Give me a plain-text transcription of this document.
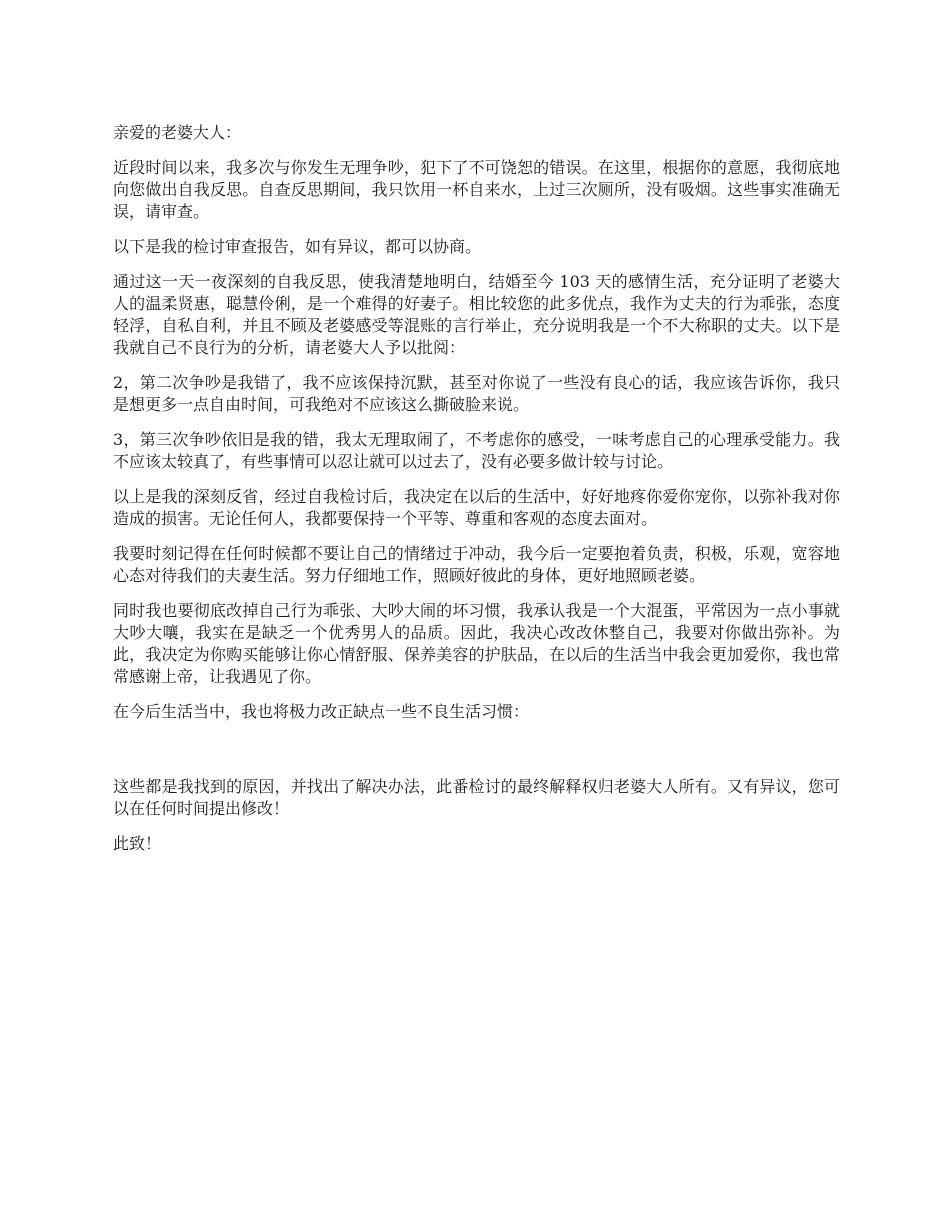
亲爱的老婆大人：

近段时间以来，我多次与你发生无理争吵，犯下了不可饶恕的错误。在这里，根据你的意愿，我彻底地向您做出自我反思。自查反思期间，我只饮用一杯自来水，上过三次厕所，没有吸烟。这些事实准确无误，请审查。

以下是我的检讨审查报告，如有异议，都可以协商。

通过这一天一夜深刻的自我反思，使我清楚地明白，结婚至今 103 天的感情生活，充分证明了老婆大人的温柔贤惠，聪慧伶俐，是一个难得的好妻子。相比较您的此多优点，我作为丈夫的行为乖张，态度轻浮，自私自利，并且不顾及老婆感受等混账的言行举止，充分说明我是一个不大称职的丈夫。以下是我就自己不良行为的分析，请老婆大人予以批阅：

2，第二次争吵是我错了，我不应该保持沉默，甚至对你说了一些没有良心的话，我应该告诉你，我只是想更多一点自由时间，可我绝对不应该这么撕破脸来说。

3，第三次争吵依旧是我的错，我太无理取闹了，不考虑你的感受，一味考虑自己的心理承受能力。我不应该太较真了，有些事情可以忍让就可以过去了，没有必要多做计较与讨论。

以上是我的深刻反省，经过自我检讨后，我决定在以后的生活中，好好地疼你爱你宠你，以弥补我对你造成的损害。无论任何人，我都要保持一个平等、尊重和客观的态度去面对。

我要时刻记得在任何时候都不要让自己的情绪过于冲动，我今后一定要抱着负责，积极，乐观，宽容地心态对待我们的夫妻生活。努力仔细地工作，照顾好彼此的身体，更好地照顾老婆。

同时我也要彻底改掉自己行为乖张、大吵大闹的坏习惯，我承认我是一个大混蛋，平常因为一点小事就大吵大嚷，我实在是缺乏一个优秀男人的品质。因此，我决心改改休整自己，我要对你做出弥补。为此，我决定为你购买能够让你心情舒服、保养美容的护肤品，在以后的生活当中我会更加爱你，我也常常感谢上帝，让我遇见了你。

在今后生活当中，我也将极力改正缺点一些不良生活习惯：

这些都是我找到的原因，并找出了解决办法，此番检讨的最终解释权归老婆大人所有。又有异议，您可以在任何时间提出修改！

此致！
